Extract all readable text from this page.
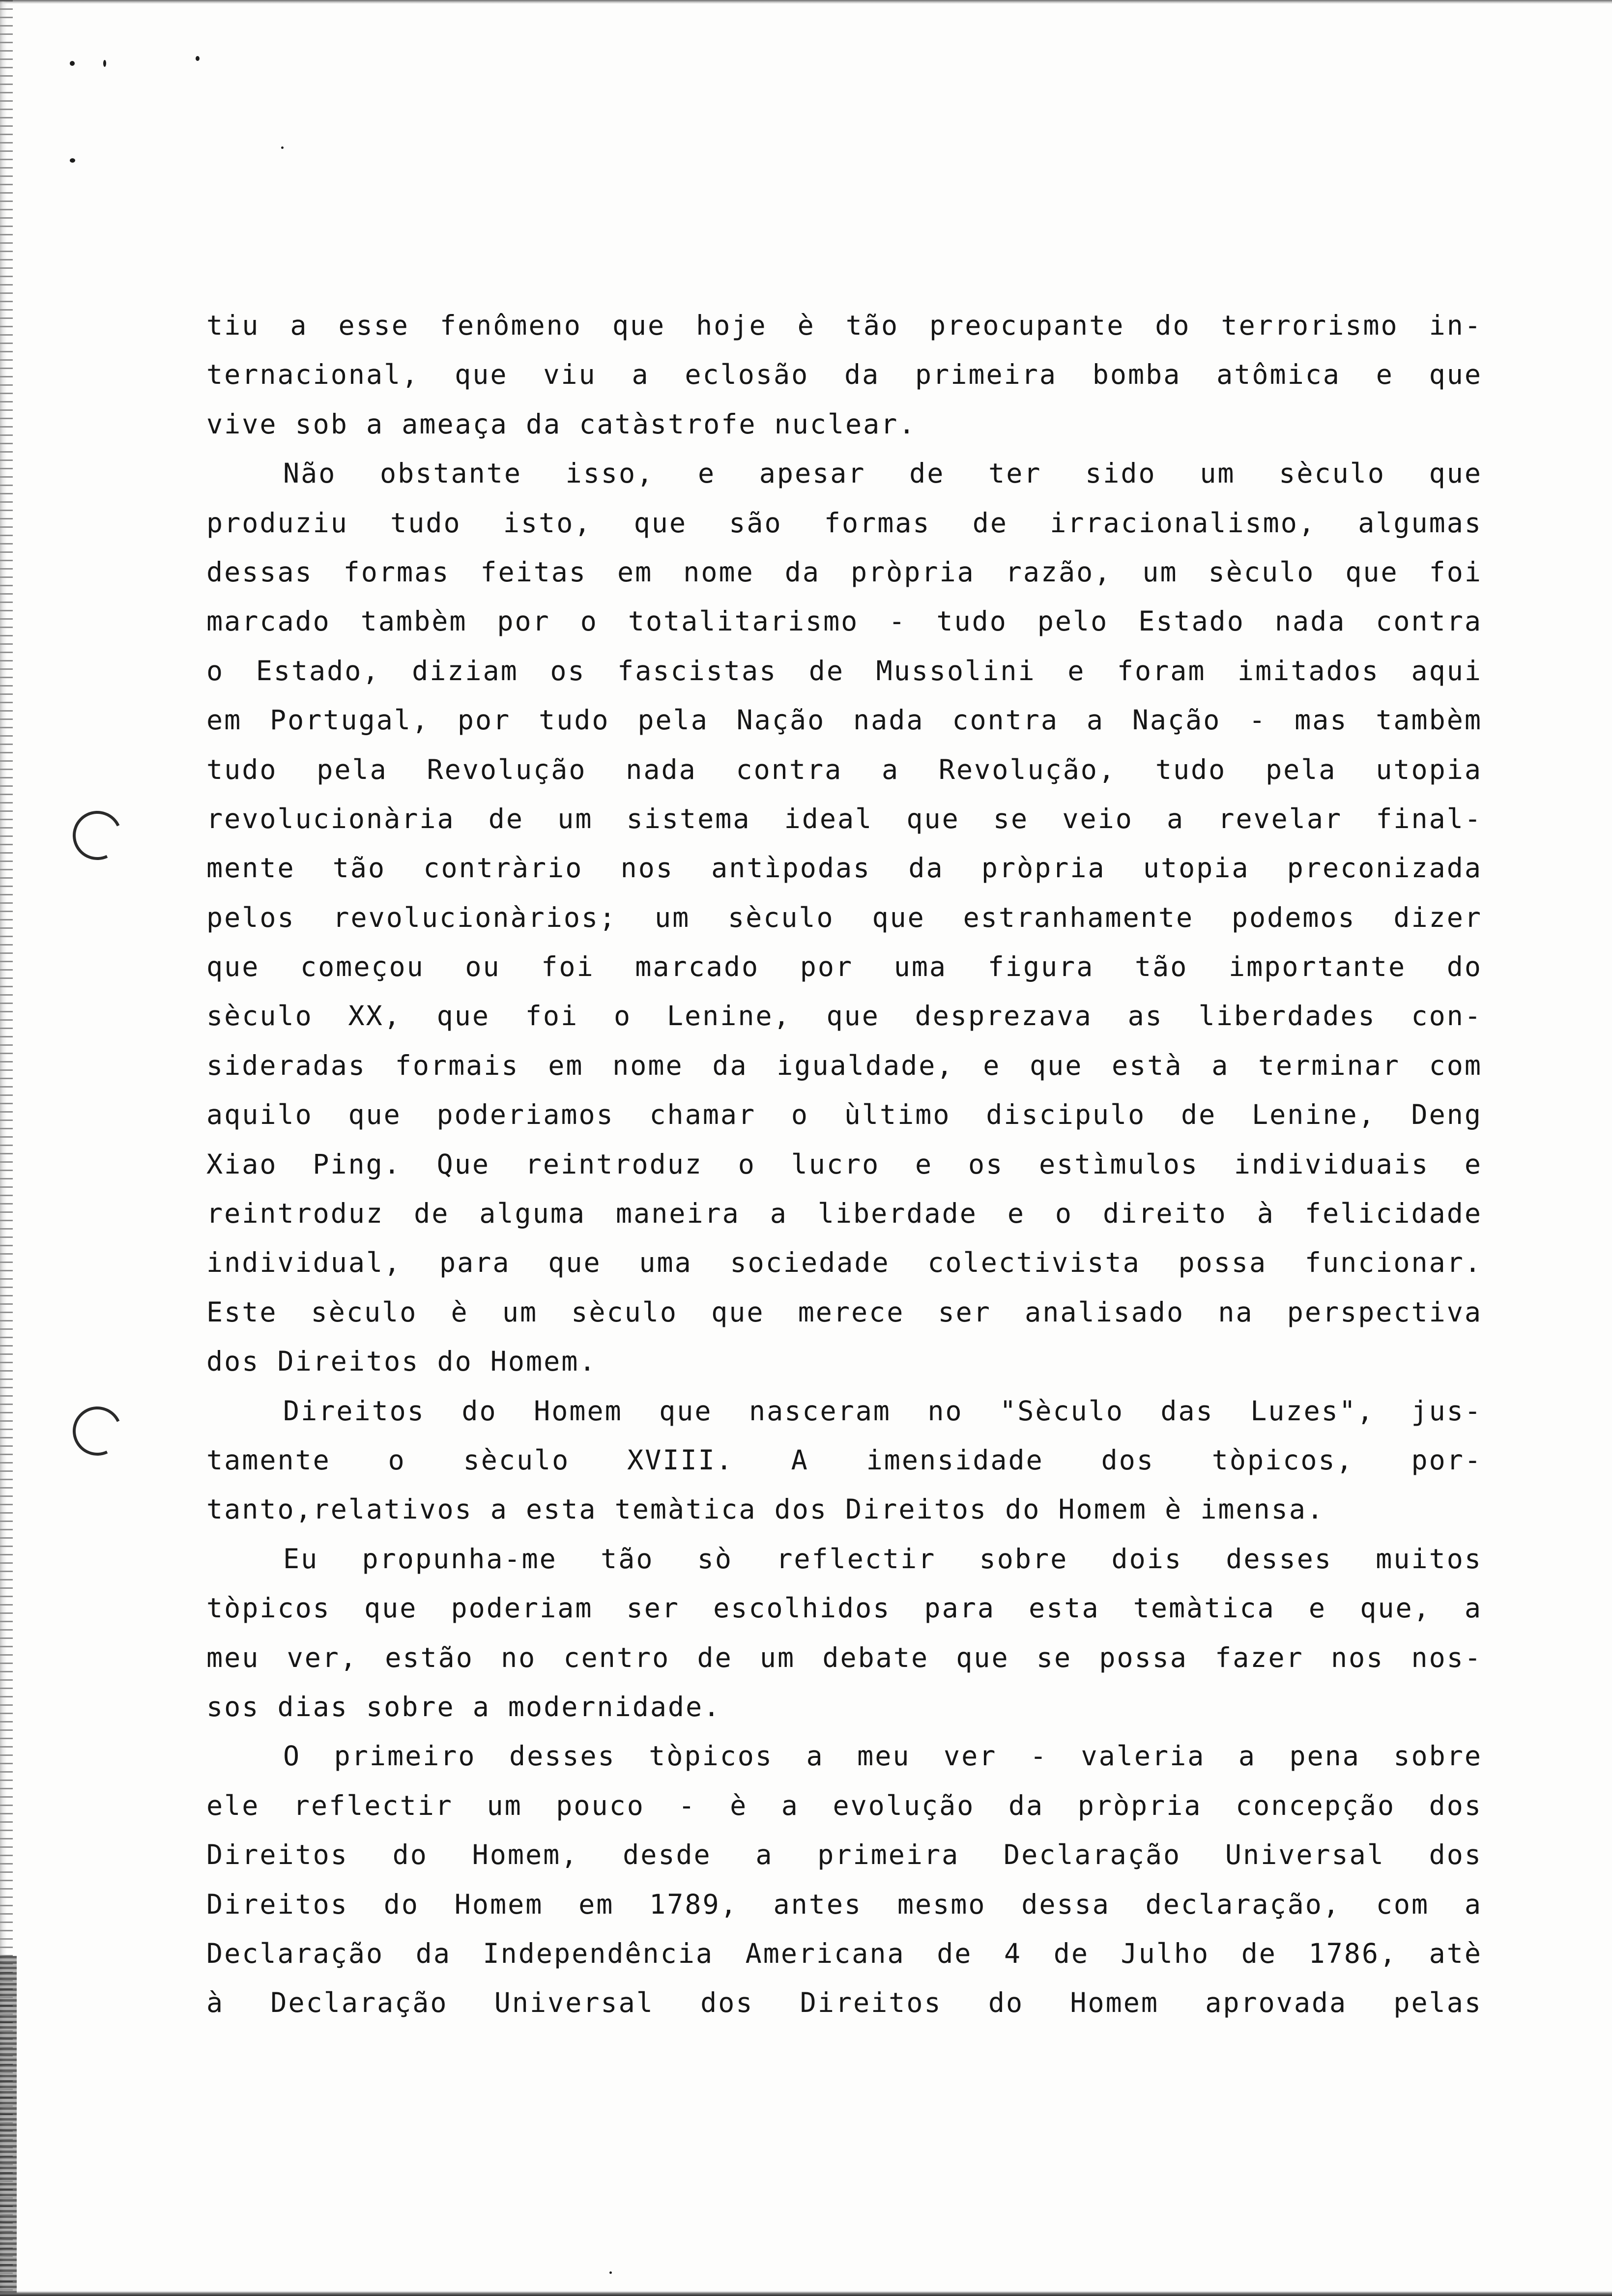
tiu a esse fenômeno que hoje è tão preocupante do terrorismo in-
ternacional, que viu a eclosão da primeira bomba atômica e que
vive sob a ameaça da catàstrofe nuclear.
Não obstante isso, e apesar de ter sido um sèculo que
produziu tudo isto, que são formas de irracionalismo, algumas
dessas formas feitas em nome da pròpria razão, um sèculo que foi
marcado tambèm por o totalitarismo - tudo pelo Estado nada contra
o Estado, diziam os fascistas de Mussolini e foram imitados aqui
em Portugal, por tudo pela Nação nada contra a Nação - mas tambèm
tudo pela Revolução nada contra a Revolução, tudo pela utopia
revolucionària de um sistema ideal que se veio a revelar final-
mente tão contràrio nos antìpodas da pròpria utopia preconizada
pelos revolucionàrios; um sèculo que estranhamente podemos dizer
que começou ou foi marcado por uma figura tão importante do
sèculo XX, que foi o Lenine, que desprezava as liberdades con-
sideradas formais em nome da igualdade, e que està a terminar com
aquilo que poderiamos chamar o ùltimo discipulo de Lenine, Deng
Xiao Ping. Que reintroduz o lucro e os estìmulos individuais e
reintroduz de alguma maneira a liberdade e o direito à felicidade
individual, para que uma sociedade colectivista possa funcionar.
Este sèculo è um sèculo que merece ser analisado na perspectiva
dos Direitos do Homem.
Direitos do Homem que nasceram no "Sèculo das Luzes", jus-
tamente o sèculo XVIII. A imensidade dos tòpicos, por-
tanto,relativos a esta temàtica dos Direitos do Homem è imensa.
Eu propunha-me tão sò reflectir sobre dois desses muitos
tòpicos que poderiam ser escolhidos para esta temàtica e que, a
meu ver, estão no centro de um debate que se possa fazer nos nos-
sos dias sobre a modernidade.
O primeiro desses tòpicos a meu ver - valeria a pena sobre
ele reflectir um pouco - è a evolução da pròpria concepção dos
Direitos do Homem, desde a primeira Declaração Universal dos
Direitos do Homem em 1789, antes mesmo dessa declaração, com a
Declaração da Independência Americana de 4 de Julho de 1786, atè
à Declaração Universal dos Direitos do Homem aprovada pelas
